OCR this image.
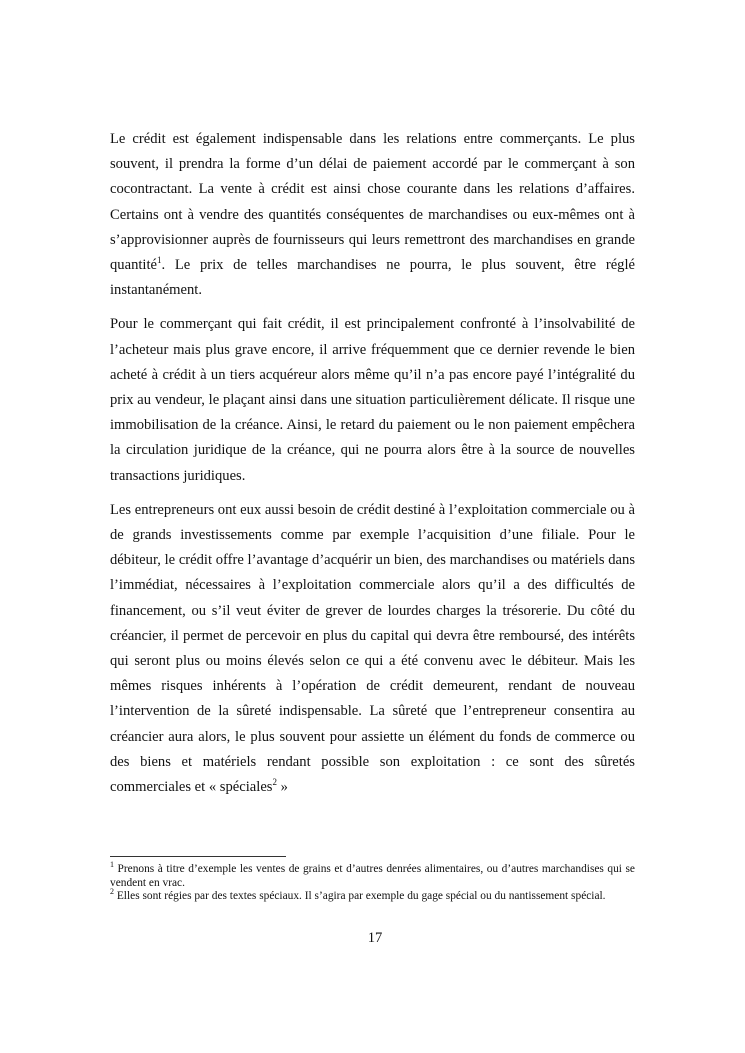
Le crédit est également indispensable dans les relations entre commerçants. Le plus souvent, il prendra la forme d’un délai de paiement accordé par le commerçant à son cocontractant. La vente à crédit est ainsi chose courante dans les relations d’affaires. Certains ont à vendre des quantités conséquentes de marchandises ou eux-mêmes ont à s’approvisionner auprès de fournisseurs qui leurs remettront des marchandises en grande quantité$^1$. Le prix de telles marchandises ne pourra, le plus souvent, être réglé instantanément.

Pour le commerçant qui fait crédit, il est principalement confronté à l’insolvabilité de l’acheteur mais plus grave encore, il arrive fréquemment que ce dernier revende le bien acheté à crédit à un tiers acquéreur alors même qu’il n’a pas encore payé l’intégralité du prix au vendeur, le plaçant ainsi dans une situation particulièrement délicate. Il risque une immobilisation de la créance. Ainsi, le retard du paiement ou le non paiement empêchera la circulation juridique de la créance, qui ne pourra alors être à la source de nouvelles transactions juridiques.

Les entrepreneurs ont eux aussi besoin de crédit destiné à l’exploitation commerciale ou à de grands investissements comme par exemple l’acquisition d’une filiale. Pour le débiteur, le crédit offre l’avantage d’acquérir un bien, des marchandises ou matériels dans l’immédiat, nécessaires à l’exploitation commerciale alors qu’il a des difficultés de financement, ou s’il veut éviter de grever de lourdes charges la trésorerie. Du côté du créancier, il permet de percevoir en plus du capital qui devra être remboursé, des intérêts qui seront plus ou moins élevés selon ce qui a été convenu avec le débiteur. Mais les mêmes risques inhérents à l’opération de crédit demeurent, rendant de nouveau l’intervention de la sûreté indispensable. La sûreté que l’entrepreneur consentira au créancier aura alors, le plus souvent pour assiette un élément du fonds de commerce ou des biens et matériels rendant possible son exploitation : ce sont des sûretés commerciales et « spéciales$^2$ »

$^1$ Prenons à titre d’exemple les ventes de grains et d’autres denrées alimentaires, ou d’autres marchandises qui se vendent en vrac.

$^2$ Elles sont régies par des textes spéciaux. Il s’agira par exemple du gage spécial ou du nantissement spécial.

17
